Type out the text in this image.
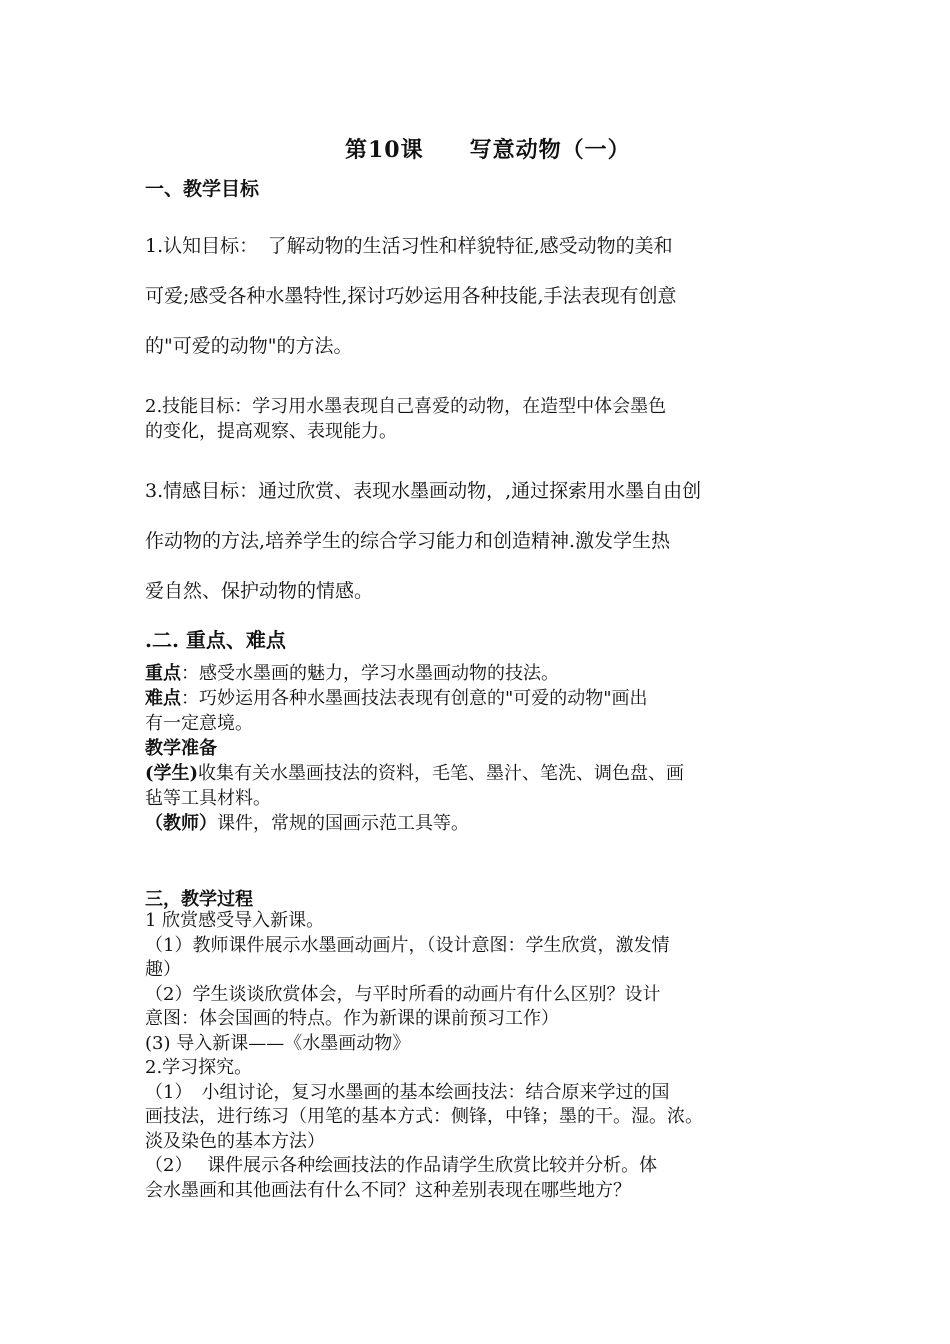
第10课　　写意动物（一）
一、教学目标
1.认知目标：　了解动物的生活习性和样貌特征,感受动物的美和
可爱;感受各种水墨特性,探讨巧妙运用各种技能,手法表现有创意
的"可爱的动物"的方法。
2.技能目标：学习用水墨表现自己喜爱的动物，在造型中体会墨色
的变化，提高观察、表现能力。
3.情感目标：通过欣赏、表现水墨画动物，,通过探索用水墨自由创
作动物的方法,培养学生的综合学习能力和创造精神.激发学生热
爱自然、保护动物的情感。
.二. 重点、难点
重点：感受水墨画的魅力，学习水墨画动物的技法。
难点：巧妙运用各种水墨画技法表现有创意的"可爱的动物"画出
有一定意境。
教学准备
(学生)收集有关水墨画技法的资料，毛笔、墨汁、笔洗、调色盘、画
毡等工具材料。
（教师）课件，常规的国画示范工具等。
三，教学过程
1 欣赏感受导入新课。
（1）教师课件展示水墨画动画片，（设计意图：学生欣赏，激发情
趣）
（2）学生谈谈欣赏体会，与平时所看的动画片有什么区别？设计
意图：体会国画的特点。作为新课的课前预习工作）
(3) 导入新课——《水墨画动物》
2.学习探究。
（1）　小组讨论，复习水墨画的基本绘画技法：结合原来学过的国
画技法，进行练习（用笔的基本方式：侧锋，中锋；墨的干。湿。浓。
淡及染色的基本方法）
（2）　 课件展示各种绘画技法的作品请学生欣赏比较并分析。体
会水墨画和其他画法有什么不同？这种差别表现在哪些地方？
